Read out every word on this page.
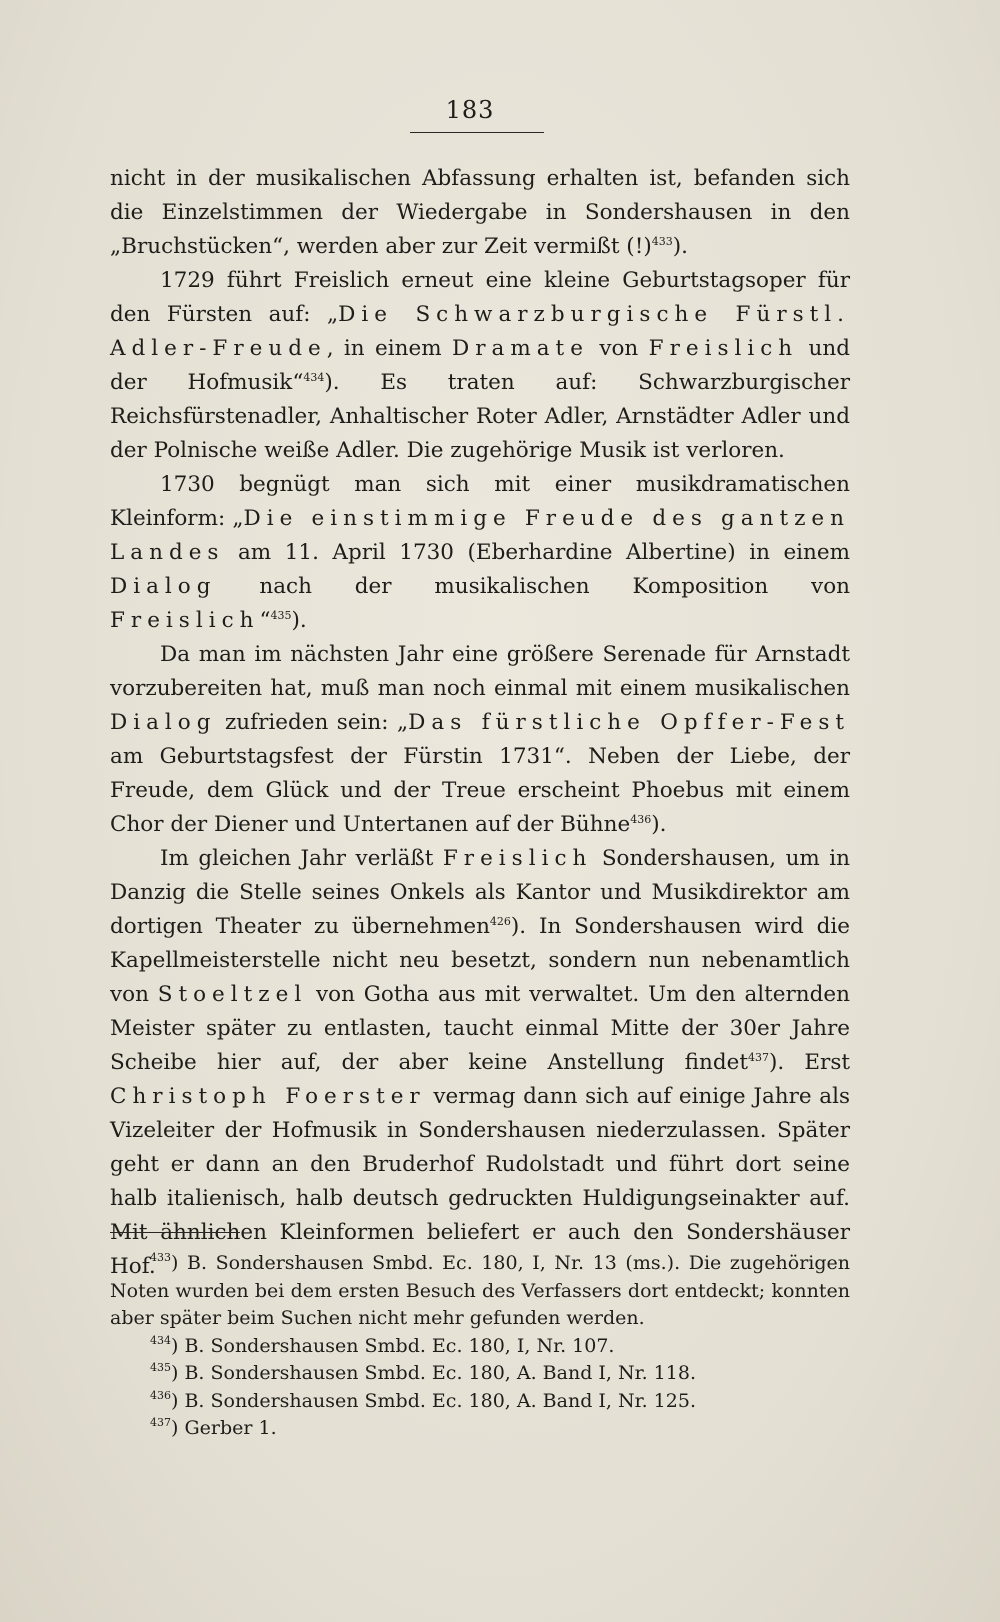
183

nicht in der musikalischen Abfassung erhalten ist, befanden sich die Einzelstimmen der Wiedergabe in Sondershausen in den „Bruchstücken“, werden aber zur Zeit vermißt (!)$^{433}$).

1729 führt Freislich erneut eine kleine Geburtstagsoper für den Fürsten auf: „Die Schwarzburgische Fürstl. Adler-Freude, in einem Dramate von Freislich und der Hofmusik“$^{434}$). Es traten auf: Schwarzburgischer Reichsfürstenadler, Anhaltischer Roter Adler, Arnstädter Adler und der Polnische weiße Adler. Die zugehörige Musik ist verloren.

1730 begnügt man sich mit einer musikdramatischen Kleinform: „Die einstimmige Freude des gantzen Landes am 11. April 1730 (Eberhardine Albertine) in einem Dialog nach der musikalischen Komposition von Freislich“$^{435}$).

Da man im nächsten Jahr eine größere Serenade für Arnstadt vorzubereiten hat, muß man noch einmal mit einem musikalischen Dialog zufrieden sein: „Das fürstliche Opffer-Fest am Geburtstagsfest der Fürstin 1731“. Neben der Liebe, der Freude, dem Glück und der Treue erscheint Phoebus mit einem Chor der Diener und Untertanen auf der Bühne$^{436}$).

Im gleichen Jahr verläßt Freislich Sondershausen, um in Danzig die Stelle seines Onkels als Kantor und Musikdirektor am dortigen Theater zu übernehmen$^{426}$). In Sondershausen wird die Kapellmeisterstelle nicht neu besetzt, sondern nun nebenamtlich von Stoeltzel von Gotha aus mit verwaltet. Um den alternden Meister später zu entlasten, taucht einmal Mitte der 30er Jahre Scheibe hier auf, der aber keine Anstellung findet$^{437}$). Erst Christoph Foerster vermag dann sich auf einige Jahre als Vizeleiter der Hofmusik in Sondershausen niederzulassen. Später geht er dann an den Bruderhof Rudolstadt und führt dort seine halb italienisch, halb deutsch gedruckten Huldigungseinakter auf. Mit ähnlichen Kleinformen beliefert er auch den Sondershäuser Hof.

$^{433}$) B. Sondershausen Smbd. Ec. 180, I, Nr. 13 (ms.). Die zugehörigen Noten wurden bei dem ersten Besuch des Verfassers dort entdeckt; konnten aber später beim Suchen nicht mehr gefunden werden.

$^{434}$) B. Sondershausen Smbd. Ec. 180, I, Nr. 107.

$^{435}$) B. Sondershausen Smbd. Ec. 180, A. Band I, Nr. 118.

$^{436}$) B. Sondershausen Smbd. Ec. 180, A. Band I, Nr. 125.

$^{437}$) Gerber 1.
